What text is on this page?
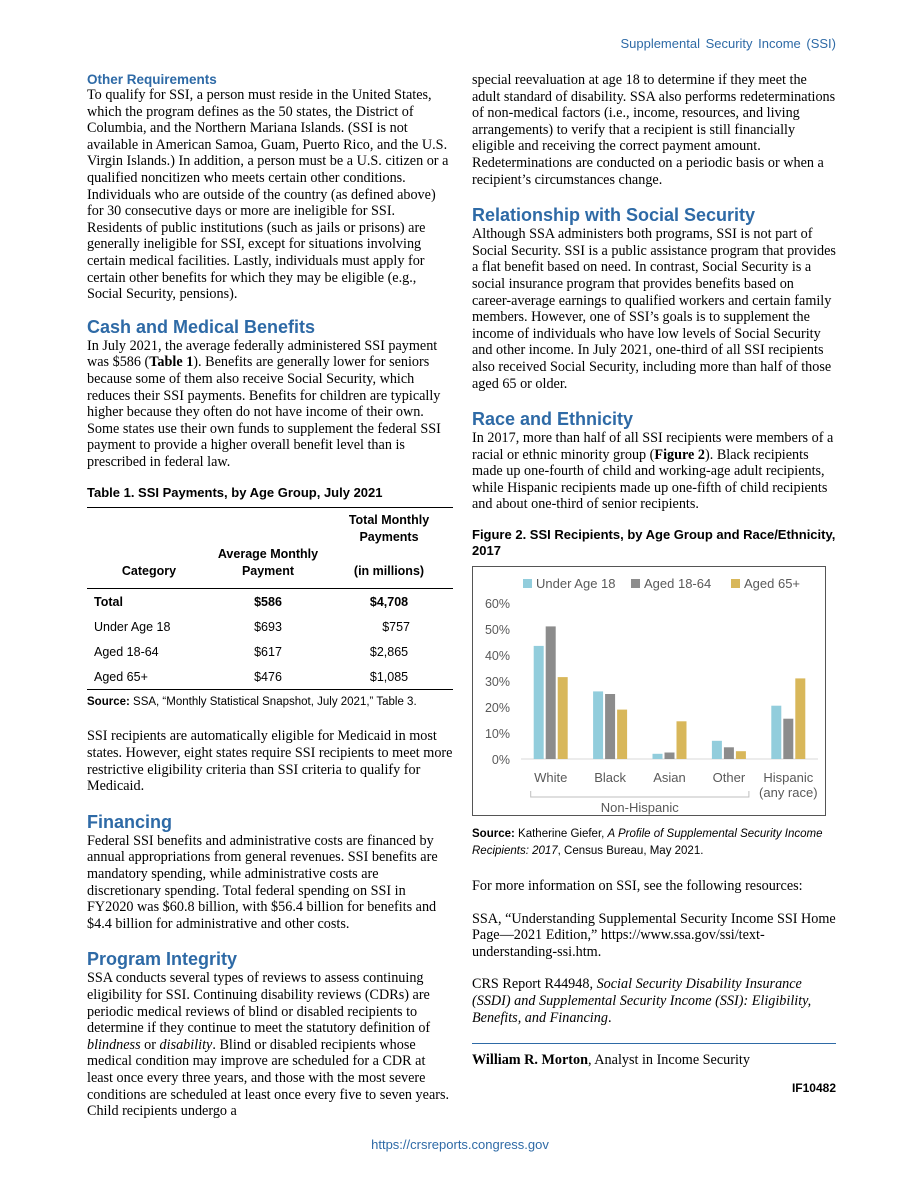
Supplemental Security Income (SSI)
Other Requirements

To qualify for SSI, a person must reside in the United States, which the program defines as the 50 states, the District of Columbia, and the Northern Mariana Islands. (SSI is not available in American Samoa, Guam, Puerto Rico, and the U.S. Virgin Islands.) In addition, a person must be a U.S. citizen or a qualified noncitizen who meets certain other conditions. Individuals who are outside of the country (as defined above) for 30 consecutive days or more are ineligible for SSI. Residents of public institutions (such as jails or prisons) are generally ineligible for SSI, except for situations involving certain medical facilities. Lastly, individuals must apply for certain other benefits for which they may be eligible (e.g., Social Security, pensions).

Cash and Medical Benefits

In July 2021, the average federally administered SSI payment was $586 (Table 1). Benefits are generally lower for seniors because some of them also receive Social Security, which reduces their SSI payments. Benefits for children are typically higher because they often do not have income of their own. Some states use their own funds to supplement the federal SSI payment to provide a higher overall benefit level than is prescribed in federal law.

Table 1. SSI Payments, by Age Group, July 2021

Category	Average Monthly Payment	Total Monthly Payments

(in millions)
Total	$586	$4,708
Under Age 18	$693	$757
Aged 18-64	$617	$2,865
Aged 65+	$476	$1,085

Source: SSA, “Monthly Statistical Snapshot, July 2021,” Table 3.

SSI recipients are automatically eligible for Medicaid in most states. However, eight states require SSI recipients to meet more restrictive eligibility criteria than SSI criteria to qualify for Medicaid.

Financing

Federal SSI benefits and administrative costs are financed by annual appropriations from general revenues. SSI benefits are mandatory spending, while administrative costs are discretionary spending. Total federal spending on SSI in FY2020 was $60.8 billion, with $56.4 billion for benefits and $4.4 billion for administrative and other costs.

Program Integrity

SSA conducts several types of reviews to assess continuing eligibility for SSI. Continuing disability reviews (CDRs) are periodic medical reviews of blind or disabled recipients to determine if they continue to meet the statutory definition of blindness or disability. Blind or disabled recipients whose medical condition may improve are scheduled for a CDR at least once every three years, and those with the most severe conditions are scheduled at least once every five to seven years. Child recipients undergo a

special reevaluation at age 18 to determine if they meet the adult standard of disability. SSA also performs redeterminations of non-medical factors (i.e., income, resources, and living arrangements) to verify that a recipient is still financially eligible and receiving the correct payment amount. Redeterminations are conducted on a periodic basis or when a recipient’s circumstances change.

Relationship with Social Security

Although SSA administers both programs, SSI is not part of Social Security. SSI is a public assistance program that provides a flat benefit based on need. In contrast, Social Security is a social insurance program that provides benefits based on career-average earnings to qualified workers and certain family members. However, one of SSI’s goals is to supplement the income of individuals who have low levels of Social Security and other income. In July 2021, one-third of all SSI recipients also received Social Security, including more than half of those aged 65 or older.

Race and Ethnicity

In 2017, more than half of all SSI recipients were members of a racial or ethnic minority group (Figure 2). Black recipients made up one-fourth of child and working-age adult recipients, while Hispanic recipients made up one-fifth of child recipients and about one-third of senior recipients.

Figure 2. SSI Recipients, by Age Group and Race/Ethnicity, 2017

Under Age 18 Aged 18-64	Aged 65+
0%
10%
20%
30%
40%
50%
60%
White Black Asian Other Hispanic
(any race)
Non-Hispanic

Source: Katherine Giefer, A Profile of Supplemental Security Income Recipients: 2017, Census Bureau, May 2021.

For more information on SSI, see the following resources:

SSA, “Understanding Supplemental Security Income SSI Home Page—2021 Edition,” https://www.ssa.gov/ssi/text-understanding-ssi.htm.

CRS Report R44948, Social Security Disability Insurance (SSDI) and Supplemental Security Income (SSI): Eligibility, Benefits, and Financing.

William R. Morton, Analyst in Income Security
IF10482
https://crsreports.congress.gov
